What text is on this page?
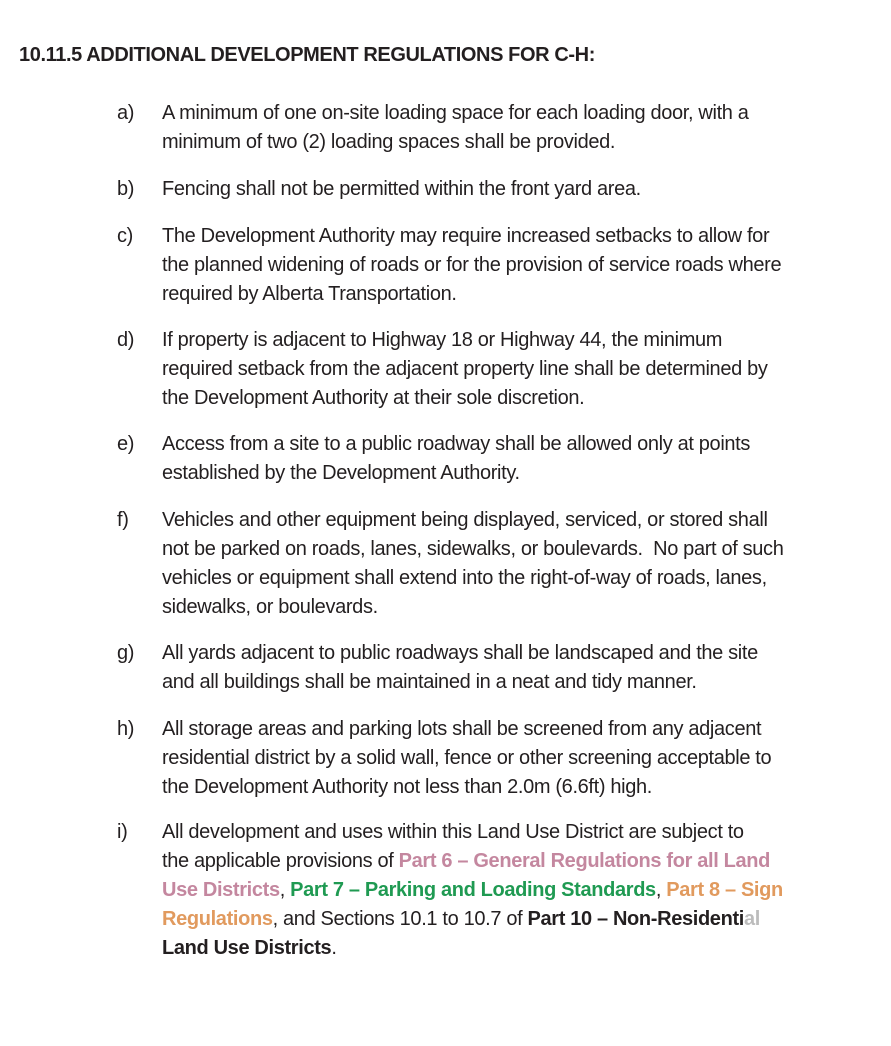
10.11.5 ADDITIONAL DEVELOPMENT REGULATIONS FOR C-H:
a) A minimum of one on-site loading space for each loading door, with a
minimum of two (2) loading spaces shall be provided.
b) Fencing shall not be permitted within the front yard area.
c) The Development Authority may require increased setbacks to allow for
the planned widening of roads or for the provision of service roads where
required by Alberta Transportation.
d) If property is adjacent to Highway 18 or Highway 44, the minimum
required setback from the adjacent property line shall be determined by
the Development Authority at their sole discretion.
e) Access from a site to a public roadway shall be allowed only at points
established by the Development Authority.
f) Vehicles and other equipment being displayed, serviced, or stored shall
not be parked on roads, lanes, sidewalks, or boulevards.  No part of such
vehicles or equipment shall extend into the right-of-way of roads, lanes,
sidewalks, or boulevards.
g) All yards adjacent to public roadways shall be landscaped and the site
and all buildings shall be maintained in a neat and tidy manner.
h) All storage areas and parking lots shall be screened from any adjacent
residential district by a solid wall, fence or other screening acceptable to
the Development Authority not less than 2.0m (6.6ft) high.
i) All development and uses within this Land Use District are subject to
the applicable provisions of Part 6 – General Regulations for all Land
Use Districts, Part 7 – Parking and Loading Standards, Part 8 – Sign
Regulations, and Sections 10.1 to 10.7 of Part 10 – Non-Residential
Land Use Districts.
